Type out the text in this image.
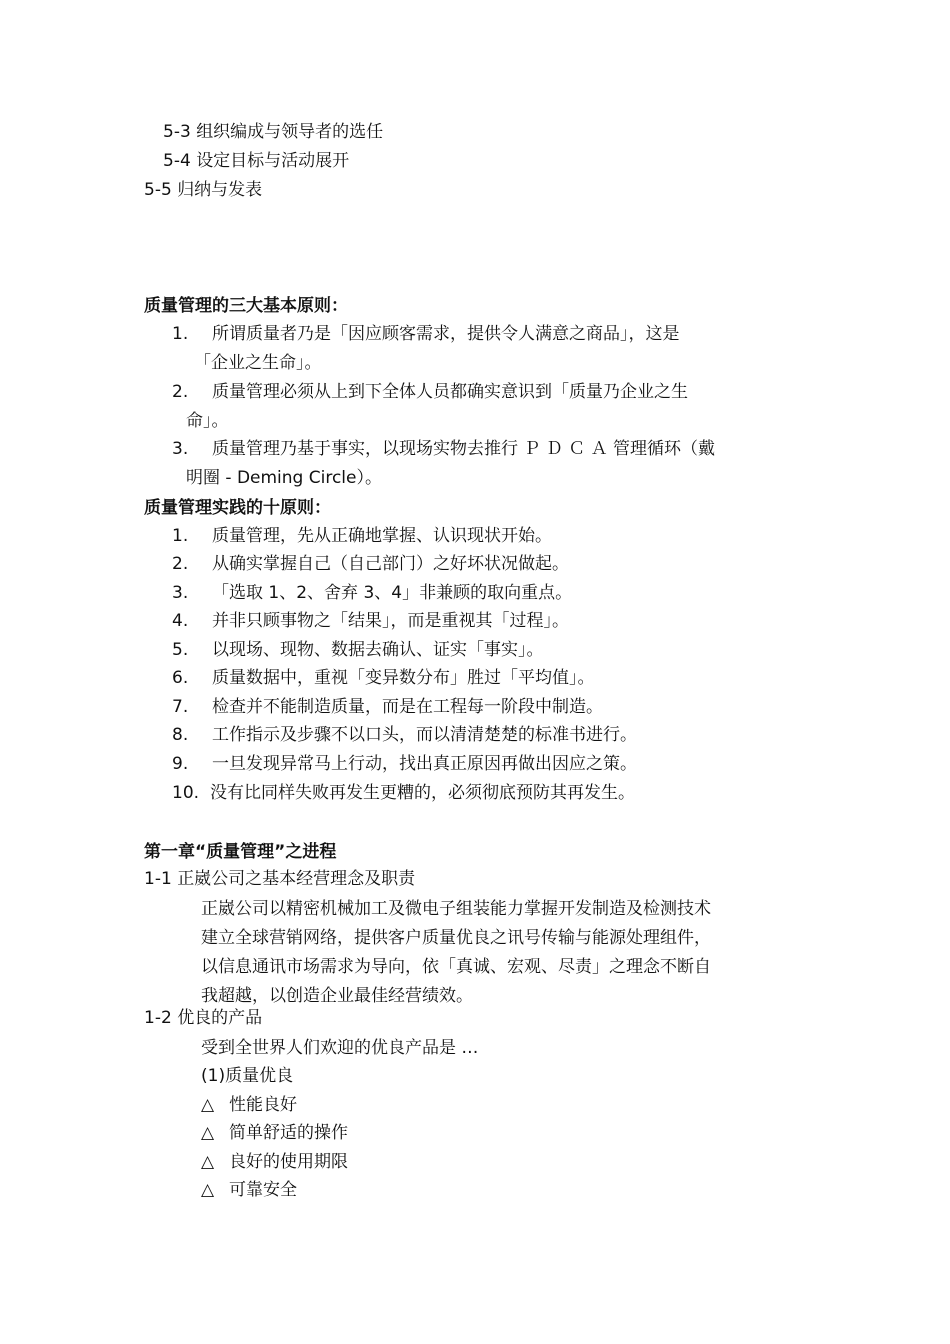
5-3 组织编成与领导者的选任
5-4 设定目标与活动展开
5-5 归纳与发表
质量管理的三大基本原则：
1. 所谓质量者乃是「因应顾客需求，提供令人满意之商品」，这是
「企业之生命」。
2. 质量管理必须从上到下全体人员都确实意识到「质量乃企业之生
命」。
3. 质量管理乃基于事实，以现场实物去推行 Ｐ Ｄ Ｃ Ａ 管理循环（戴
明圈 - Deming Circle）。
质量管理实践的十原则：
1. 质量管理，先从正确地掌握、认识现状开始。
2. 从确实掌握自己（自己部门）之好坏状况做起。
3. 「选取 1、2、舍弃 3、4」非兼顾的取向重点。
4. 并非只顾事物之「结果」，而是重视其「过程」。
5. 以现场、现物、数据去确认、证实「事实」。
6. 质量数据中，重视「变异数分布」胜过「平均值」。
7. 检查并不能制造质量，而是在工程每一阶段中制造。
8. 工作指示及步骤不以口头，而以清清楚楚的标准书进行。
9. 一旦发现异常马上行动，找出真正原因再做出因应之策。
10. 没有比同样失败再发生更糟的，必须彻底预防其再发生。
第一章“质量管理”之进程
1-1 正崴公司之基本经营理念及职责
正崴公司以精密机械加工及微电子组装能力掌握开发制造及检测技术
建立全球营销网络，提供客户质量优良之讯号传输与能源处理组件，
以信息通讯市场需求为导向，依「真诚、宏观、尽责」之理念不断自
我超越，以创造企业最佳经营绩效。
1-2 优良的产品
受到全世界人们欢迎的优良产品是 …
(1)质量优良
△ 性能良好
△ 简单舒适的操作
△ 良好的使用期限
△ 可靠安全
